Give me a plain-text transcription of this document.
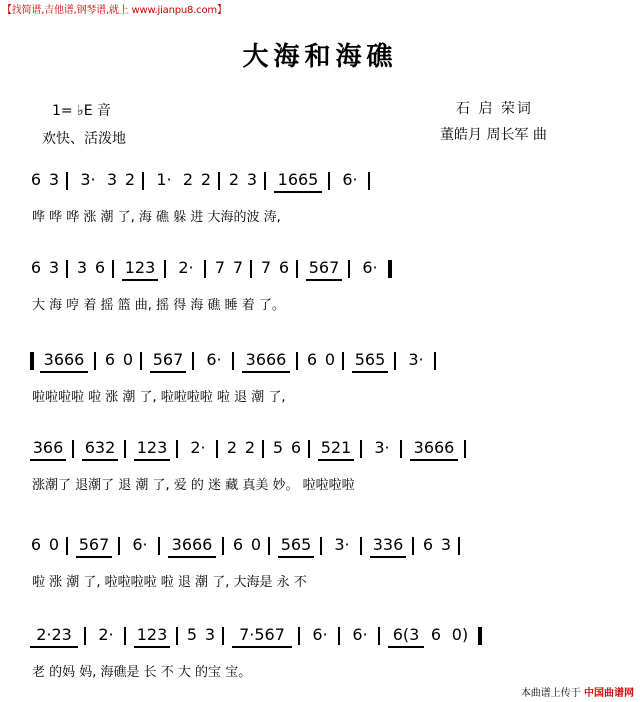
【找简谱,吉他谱,钢琴谱,就上 www.jianpu8.com】
大海和海礁
1= ♭E 音
欢快、活泼地
石 启 荣词
董皓月 周长军 曲
6 3 3· 3 2 1· 2 2 2 3 1665 6·
哗 哗 哗 涨 潮 了, 海 礁 躲 进 大海的波 涛,
6 3 3 6 123 2· 7 7 7 6 567 6·
大 海 哼 着 摇 篮 曲, 摇 得 海 礁 睡 着 了。
3666 6 0 567 6· 3666 6 0 565 3·
啦啦啦啦 啦 涨 潮 了, 啦啦啦啦 啦 退 潮 了,
366 632 123 2· 2 2 5 6 521 3· 3666
涨潮了 退潮了 退 潮 了, 爱 的 迷 藏 真美 妙。 啦啦啦啦
6 0 567 6· 3666 6 0 565 3· 336 6 3
啦 涨 潮 了, 啦啦啦啦 啦 退 潮 了, 大海是 永 不
2·23	2· 123 5 3	7·567	6· 6· 6(3 6 0)
老 的妈 妈, 海礁是 长 不 大 的宝 宝。
本曲谱上传于 中国曲谱网
